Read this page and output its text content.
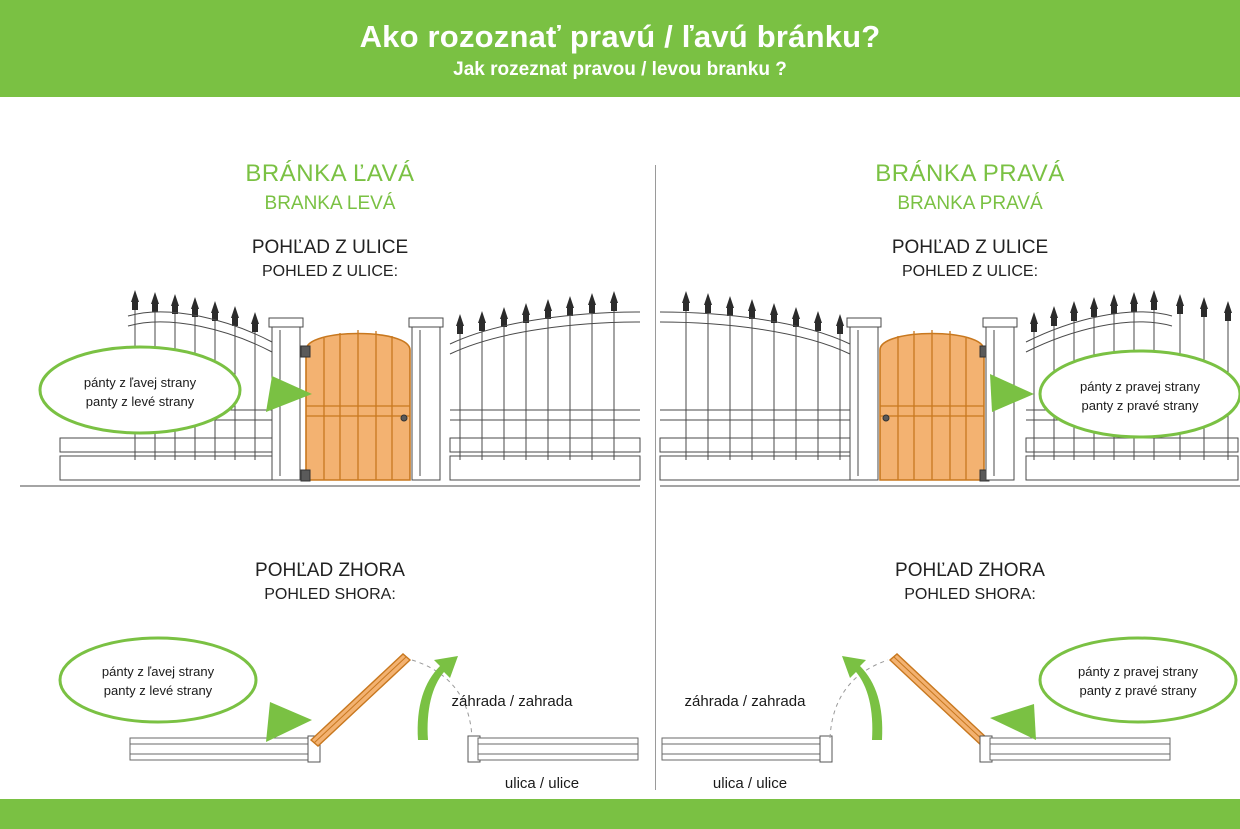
Ako rozoznať pravú / ľavú bránku?
Jak rozeznat pravou / levou branku ?
BRÁNKA ĽAVÁ
BRANKA LEVÁ
POHĽAD Z ULICE
POHLED Z ULICE:
pánty z ľavej strany
panty z levé strany
POHĽAD ZHORA
POHLED SHORA:
pánty z ľavej strany
panty z levé strany
záhrada / zahrada
ulica / ulice
BRÁNKA PRAVÁ
BRANKA PRAVÁ
POHĽAD Z ULICE
POHLED Z ULICE:
pánty z pravej strany
panty z pravé strany
POHĽAD ZHORA
POHLED SHORA:
pánty z pravej strany
panty z pravé strany
záhrada / zahrada
ulica / ulice
